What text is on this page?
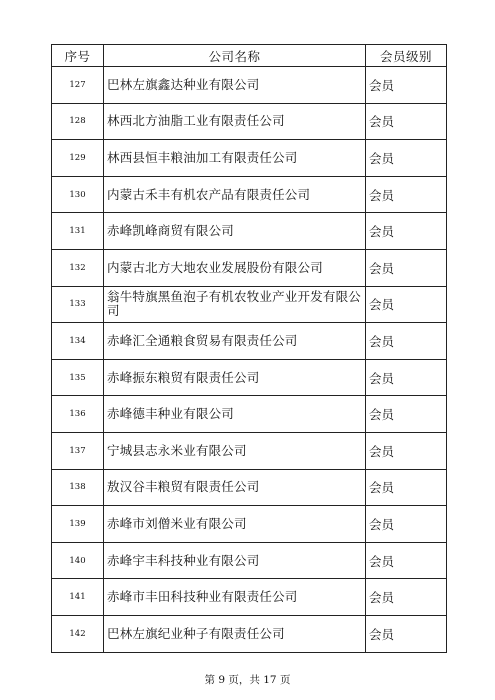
序号	公司名称	会员级别
127	巴林左旗鑫达种业有限公司	会员
128	林西北方油脂工业有限责任公司	会员
129	林西县恒丰粮油加工有限责任公司	会员
130	内蒙古禾丰有机农产品有限责任公司	会员
131	赤峰凯峰商贸有限公司	会员
132	内蒙古北方大地农业发展股份有限公司	会员
133	翁牛特旗黑鱼泡子有机农牧业产业开发有限公司	会员
134	赤峰汇全通粮食贸易有限责任公司	会员
135	赤峰振东粮贸有限责任公司	会员
136	赤峰德丰种业有限公司	会员
137	宁城县志永米业有限公司	会员
138	敖汉谷丰粮贸有限责任公司	会员
139	赤峰市刘僧米业有限公司	会员
140	赤峰宇丰科技种业有限公司	会员
141	赤峰市丰田科技种业有限责任公司	会员
142	巴林左旗纪业种子有限责任公司	会员
第 9 页，共 17 页
